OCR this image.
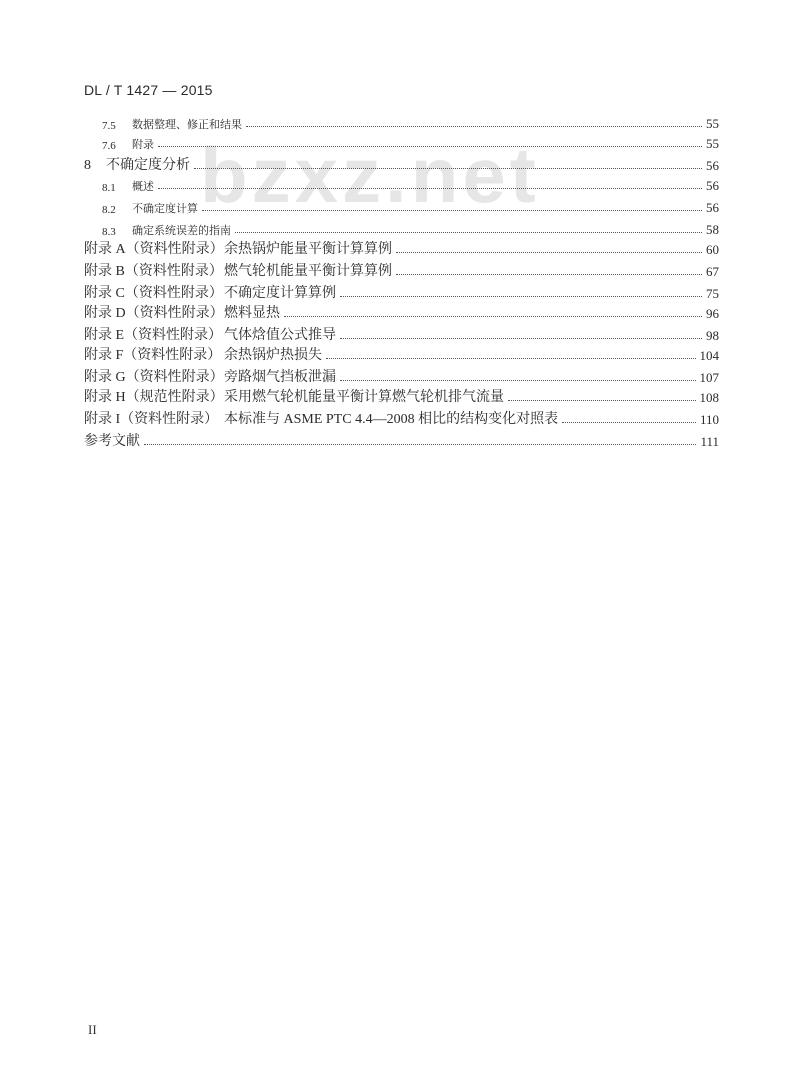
DL / T 1427 — 2015
bzxz.net
7.5	数据整理、修正和结果	55
7.6	附录	55
8	不确定度分析	56
8.1	概述	56
8.2	不确定度计算	56
8.3	确定系统误差的指南	58
附录 A（资料性附录） 余热锅炉能量平衡计算算例	60
附录 B（资料性附录） 燃气轮机能量平衡计算算例	67
附录 C（资料性附录） 不确定度计算算例	75
附录 D（资料性附录） 燃料显热	96
附录 E（资料性附录） 气体焓值公式推导	98
附录 F（资料性附录） 余热锅炉热损失	104
附录 G（资料性附录） 旁路烟气挡板泄漏	107
附录 H（规范性附录） 采用燃气轮机能量平衡计算燃气轮机排气流量	108
附录 I（资料性附录） 本标准与 ASME PTC 4.4—2008 相比的结构变化对照表	110
参考文献	111
II
